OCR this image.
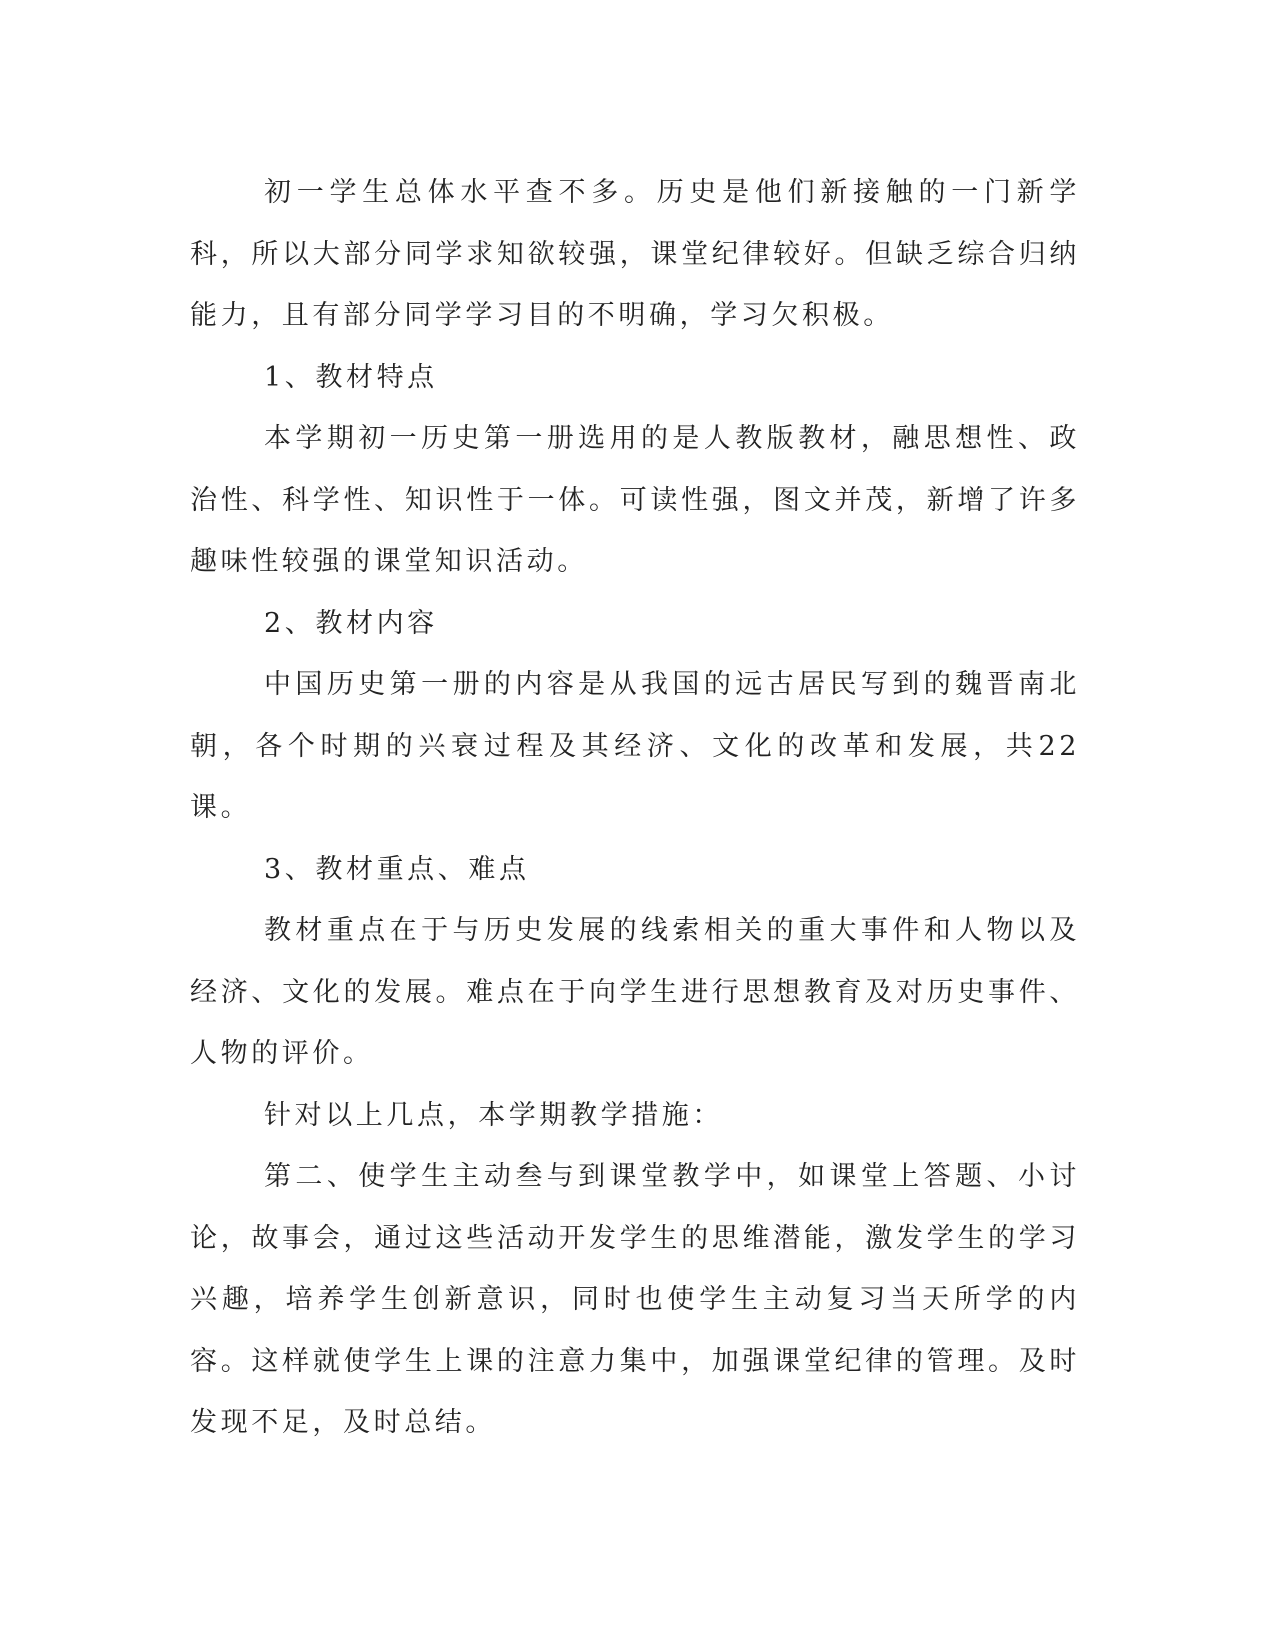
初一学生总体水平查不多。历史是他们新接触的一门新学科，所以大部分同学求知欲较强，课堂纪律较好。但缺乏综合归纳能力，且有部分同学学习目的不明确，学习欠积极。

1、教材特点

本学期初一历史第一册选用的是人教版教材，融思想性、政治性、科学性、知识性于一体。可读性强，图文并茂，新增了许多趣味性较强的课堂知识活动。

2、教材内容

中国历史第一册的内容是从我国的远古居民写到的魏晋南北朝，各个时期的兴衰过程及其经济、文化的改革和发展，共22课。

3、教材重点、难点

教材重点在于与历史发展的线索相关的重大事件和人物以及经济、文化的发展。难点在于向学生进行思想教育及对历史事件、人物的评价。

针对以上几点，本学期教学措施：

第二、使学生主动叁与到课堂教学中，如课堂上答题、小讨论，故事会，通过这些活动开发学生的思维潜能，激发学生的学习兴趣，培养学生创新意识，同时也使学生主动复习当天所学的内容。这样就使学生上课的注意力集中，加强课堂纪律的管理。及时发现不足，及时总结。
